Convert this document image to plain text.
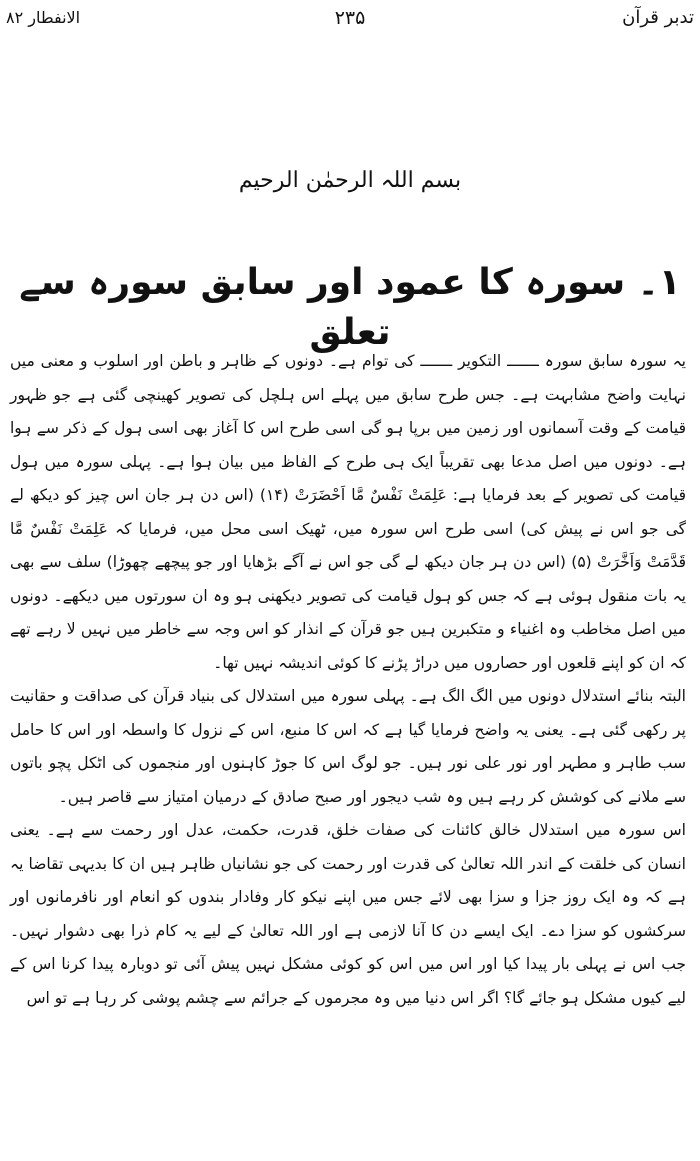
الانفطار ۸۲	۲۳۵	تدبر قرآن
بسم اللہ الرحمٰن الرحیم
۱۔ سورہ کا عمود اور سابق سورہ سے تعلق

یہ سورہ سابق سورہ ـــــــ التکویر ـــــــ کی توام ہے۔ دونوں کے ظاہر و باطن اور اسلوب و معنی میں نہایت واضح مشابہت ہے۔ جس طرح سابق میں پہلے اس ہلچل کی تصویر کھینچی گئی ہے جو ظہور قیامت کے وقت آسمانوں اور زمین میں برپا ہو گی اسی طرح اس کا آغاز بھی اسی ہول کے ذکر سے ہوا ہے۔ دونوں میں اصل مدعا بھی تقریباً ایک ہی طرح کے الفاظ میں بیان ہوا ہے۔ پہلی سورہ میں ہول قیامت کی تصویر کے بعد فرمایا ہے: عَلِمَتْ نَفْسٌ مَّا اَحْضَرَتْ (۱۴) (اس دن ہر جان اس چیز کو دیکھ لے گی جو اس نے پیش کی) اسی طرح اس سورہ میں، ٹھیک اسی محل میں، فرمایا کہ عَلِمَتْ نَفْسٌ مَّا قَدَّمَتْ وَاَخَّرَتْ (۵) (اس دن ہر جان دیکھ لے گی جو اس نے آگے بڑھایا اور جو پیچھے چھوڑا) سلف سے بھی یہ بات منقول ہوئی ہے کہ جس کو ہول قیامت کی تصویر دیکھنی ہو وہ ان سورتوں میں دیکھے۔ دونوں میں اصل مخاطب وہ اغنیاء و متکبرین ہیں جو قرآن کے انذار کو اس وجہ سے خاطر میں نہیں لا رہے تھے کہ ان کو اپنے قلعوں اور حصاروں میں دراڑ پڑنے کا کوئی اندیشہ نہیں تھا۔

البتہ بنائے استدلال دونوں میں الگ الگ ہے۔ پہلی سورہ میں استدلال کی بنیاد قرآن کی صداقت و حقانیت پر رکھی گئی ہے۔ یعنی یہ واضح فرمایا گیا ہے کہ اس کا منبع، اس کے نزول کا واسطہ اور اس کا حامل سب طاہر و مطہر اور نور علی نور ہیں۔ جو لوگ اس کا جوڑ کاہنوں اور منجموں کی اٹکل پچو باتوں سے ملانے کی کوشش کر رہے ہیں وہ شب دیجور اور صبح صادق کے درمیان امتیاز سے قاصر ہیں۔

اس سورہ میں استدلال خالق کائنات کی صفات خلق، قدرت، حکمت، عدل اور رحمت سے ہے۔ یعنی انسان کی خلقت کے اندر اللہ تعالیٰ کی قدرت اور رحمت کی جو نشانیاں ظاہر ہیں ان کا بدیہی تقاضا یہ ہے کہ وہ ایک روز جزا و سزا بھی لائے جس میں اپنے نیکو کار وفادار بندوں کو انعام اور نافرمانوں اور سرکشوں کو سزا دے۔ ایک ایسے دن کا آنا لازمی ہے اور اللہ تعالیٰ کے لیے یہ کام ذرا بھی دشوار نہیں۔ جب اس نے پہلی بار پیدا کیا اور اس میں اس کو کوئی مشکل نہیں پیش آئی تو دوبارہ پیدا کرنا اس کے لیے کیوں مشکل ہو جائے گا؟ اگر اس دنیا میں وہ مجرموں کے جرائم سے چشم پوشی کر رہا ہے تو اس
